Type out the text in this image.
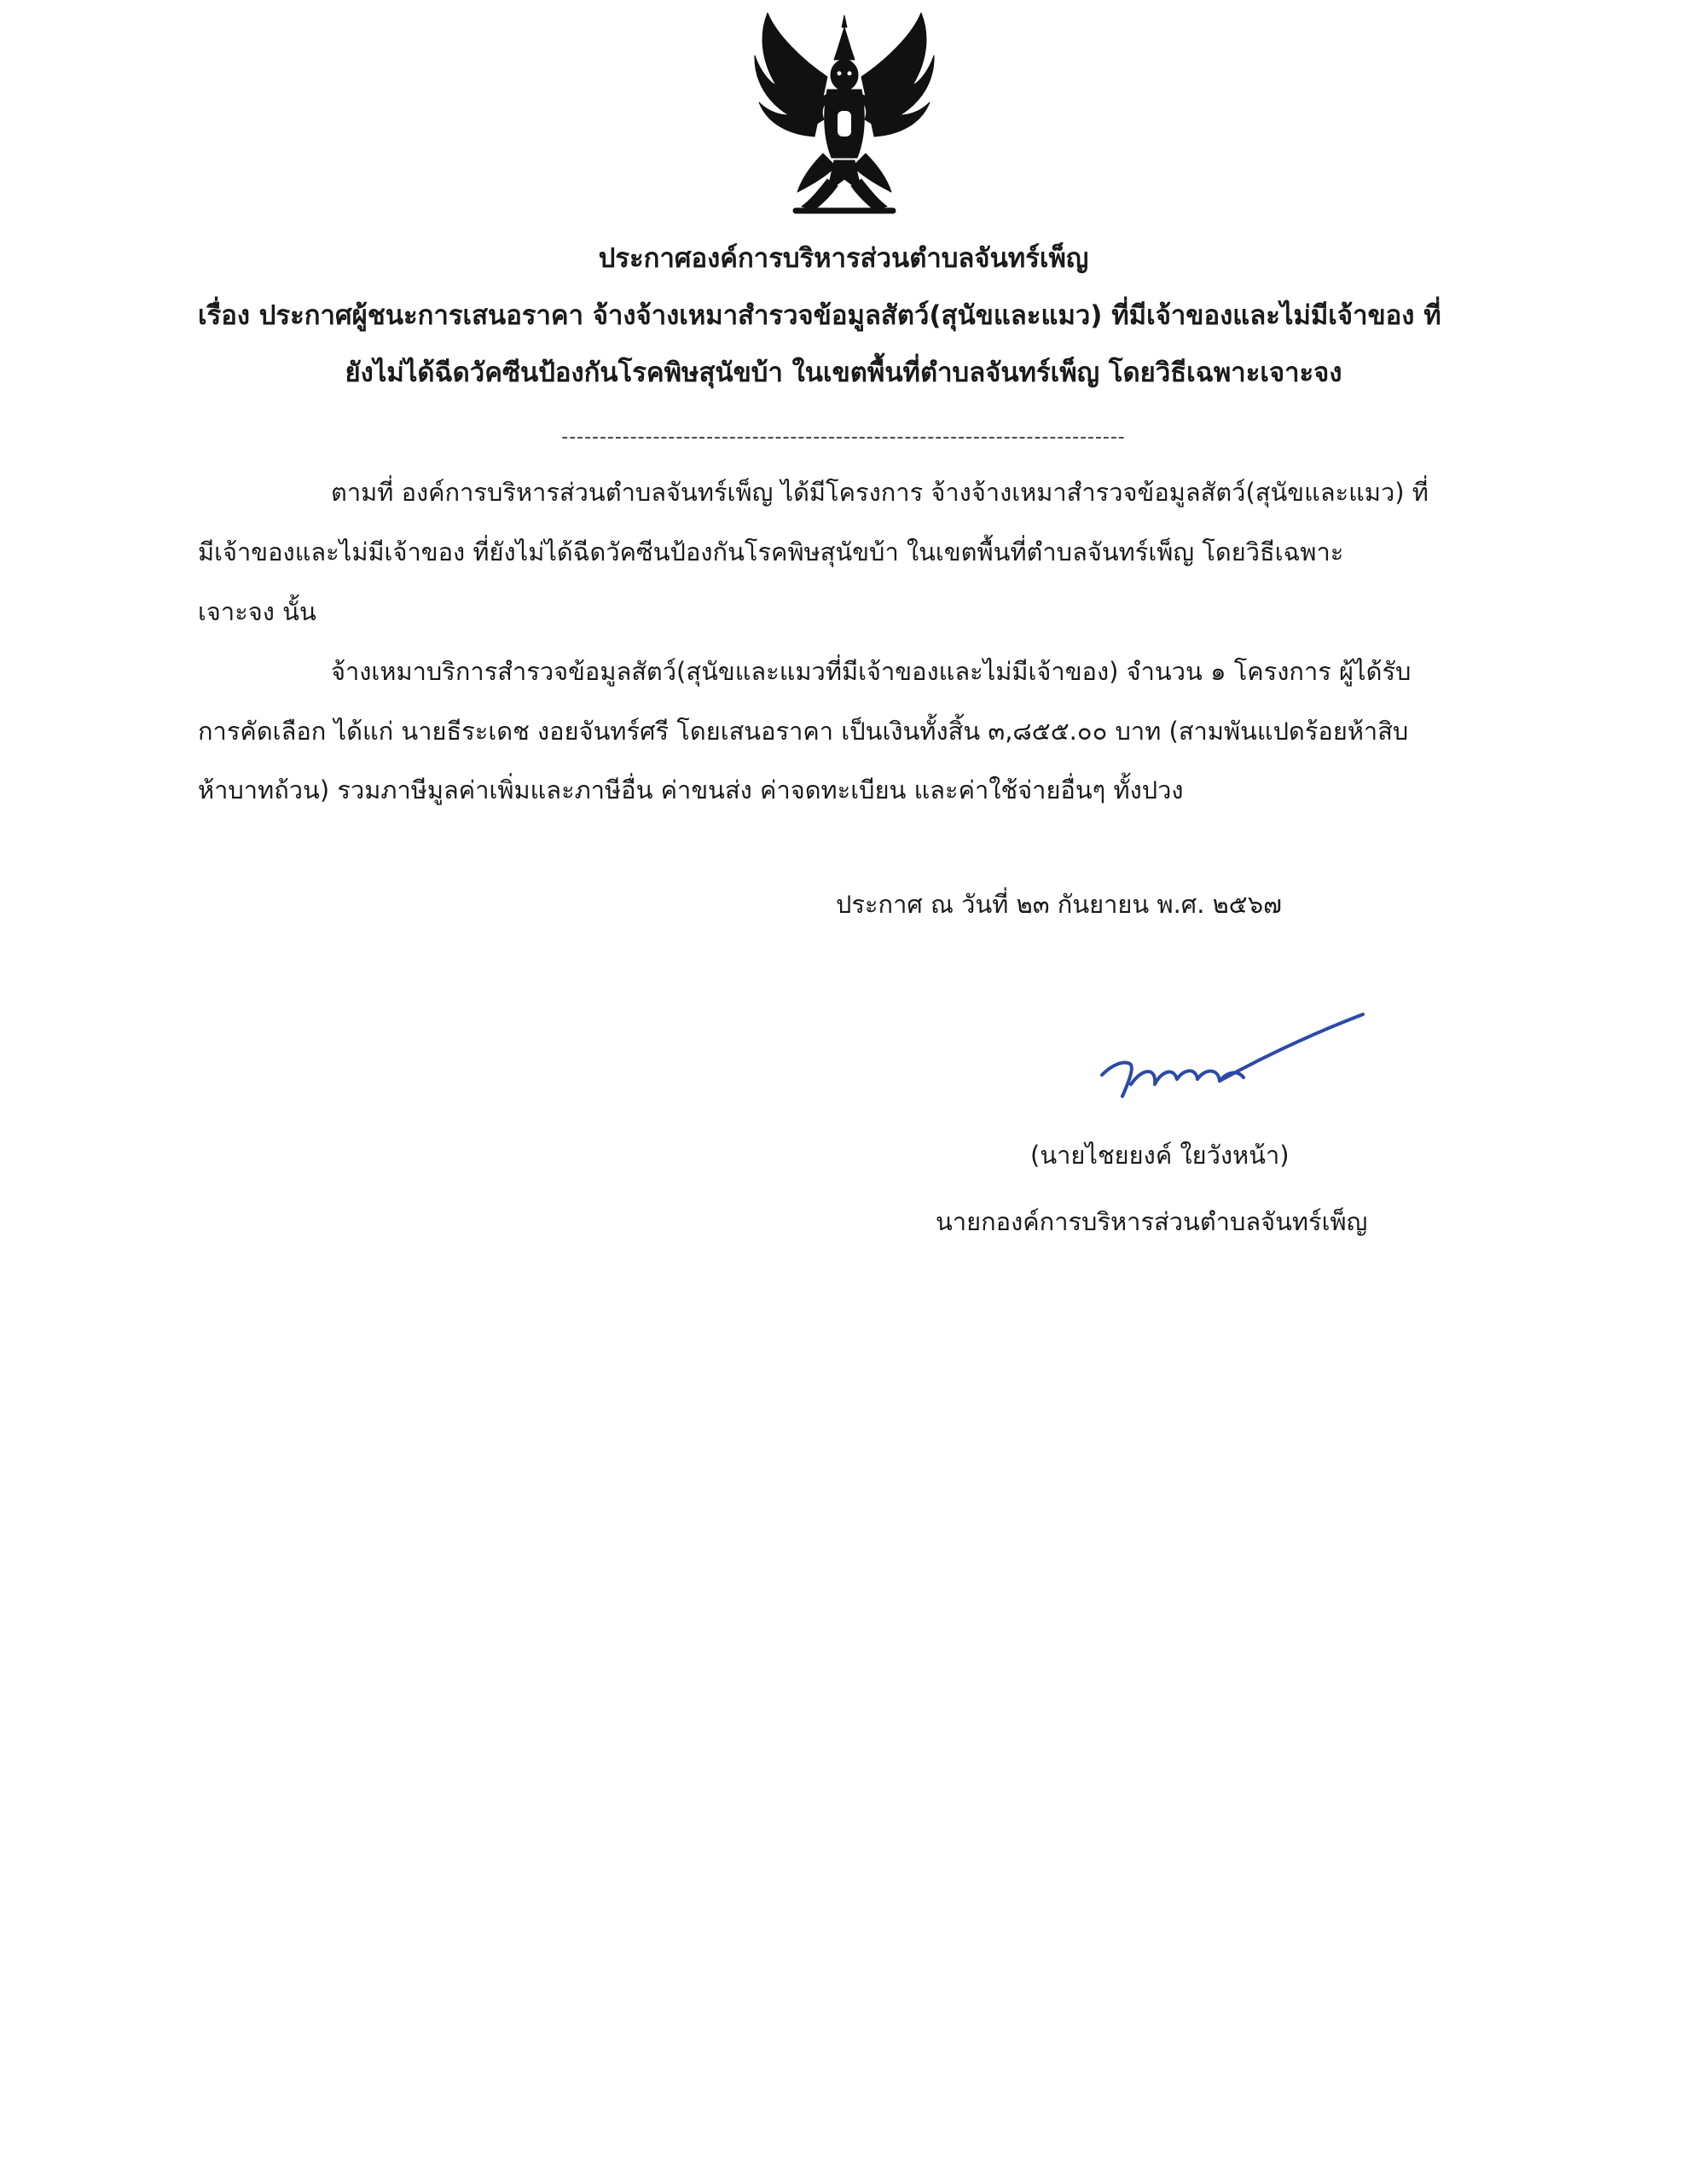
ประกาศองค์การบริหารส่วนตำบลจันทร์เพ็ญ
เรื่อง ประกาศผู้ชนะการเสนอราคา จ้างจ้างเหมาสำรวจข้อมูลสัตว์(สุนัขและแมว) ที่มีเจ้าของและไม่มีเจ้าของ ที่
ยังไม่ได้ฉีดวัคซีนป้องกันโรคพิษสุนัขบ้า ในเขตพื้นที่ตำบลจันทร์เพ็ญ โดยวิธีเฉพาะเจาะจง
--------------------------------------------------------------------------
ตามที่ องค์การบริหารส่วนตำบลจันทร์เพ็ญ ได้มีโครงการ จ้างจ้างเหมาสำรวจข้อมูลสัตว์(สุนัขและแมว) ที่
มีเจ้าของและไม่มีเจ้าของ ที่ยังไม่ได้ฉีดวัคซีนป้องกันโรคพิษสุนัขบ้า ในเขตพื้นที่ตำบลจันทร์เพ็ญ โดยวิธีเฉพาะ
เจาะจง นั้น
จ้างเหมาบริการสำรวจข้อมูลสัตว์(สุนัขและแมวที่มีเจ้าของและไม่มีเจ้าของ) จำนวน ๑ โครงการ ผู้ได้รับ
การคัดเลือก ได้แก่ นายธีระเดช งอยจันทร์ศรี โดยเสนอราคา เป็นเงินทั้งสิ้น ๓,๘๕๕.๐๐ บาท (สามพันแปดร้อยห้าสิบ
ห้าบาทถ้วน) รวมภาษีมูลค่าเพิ่มและภาษีอื่น ค่าขนส่ง ค่าจดทะเบียน และค่าใช้จ่ายอื่นๆ ทั้งปวง
ประกาศ ณ วันที่ ๒๓ กันยายน พ.ศ. ๒๕๖๗
(นายไชยยงค์ ใยวังหน้า)
นายกองค์การบริหารส่วนตำบลจันทร์เพ็ญ
